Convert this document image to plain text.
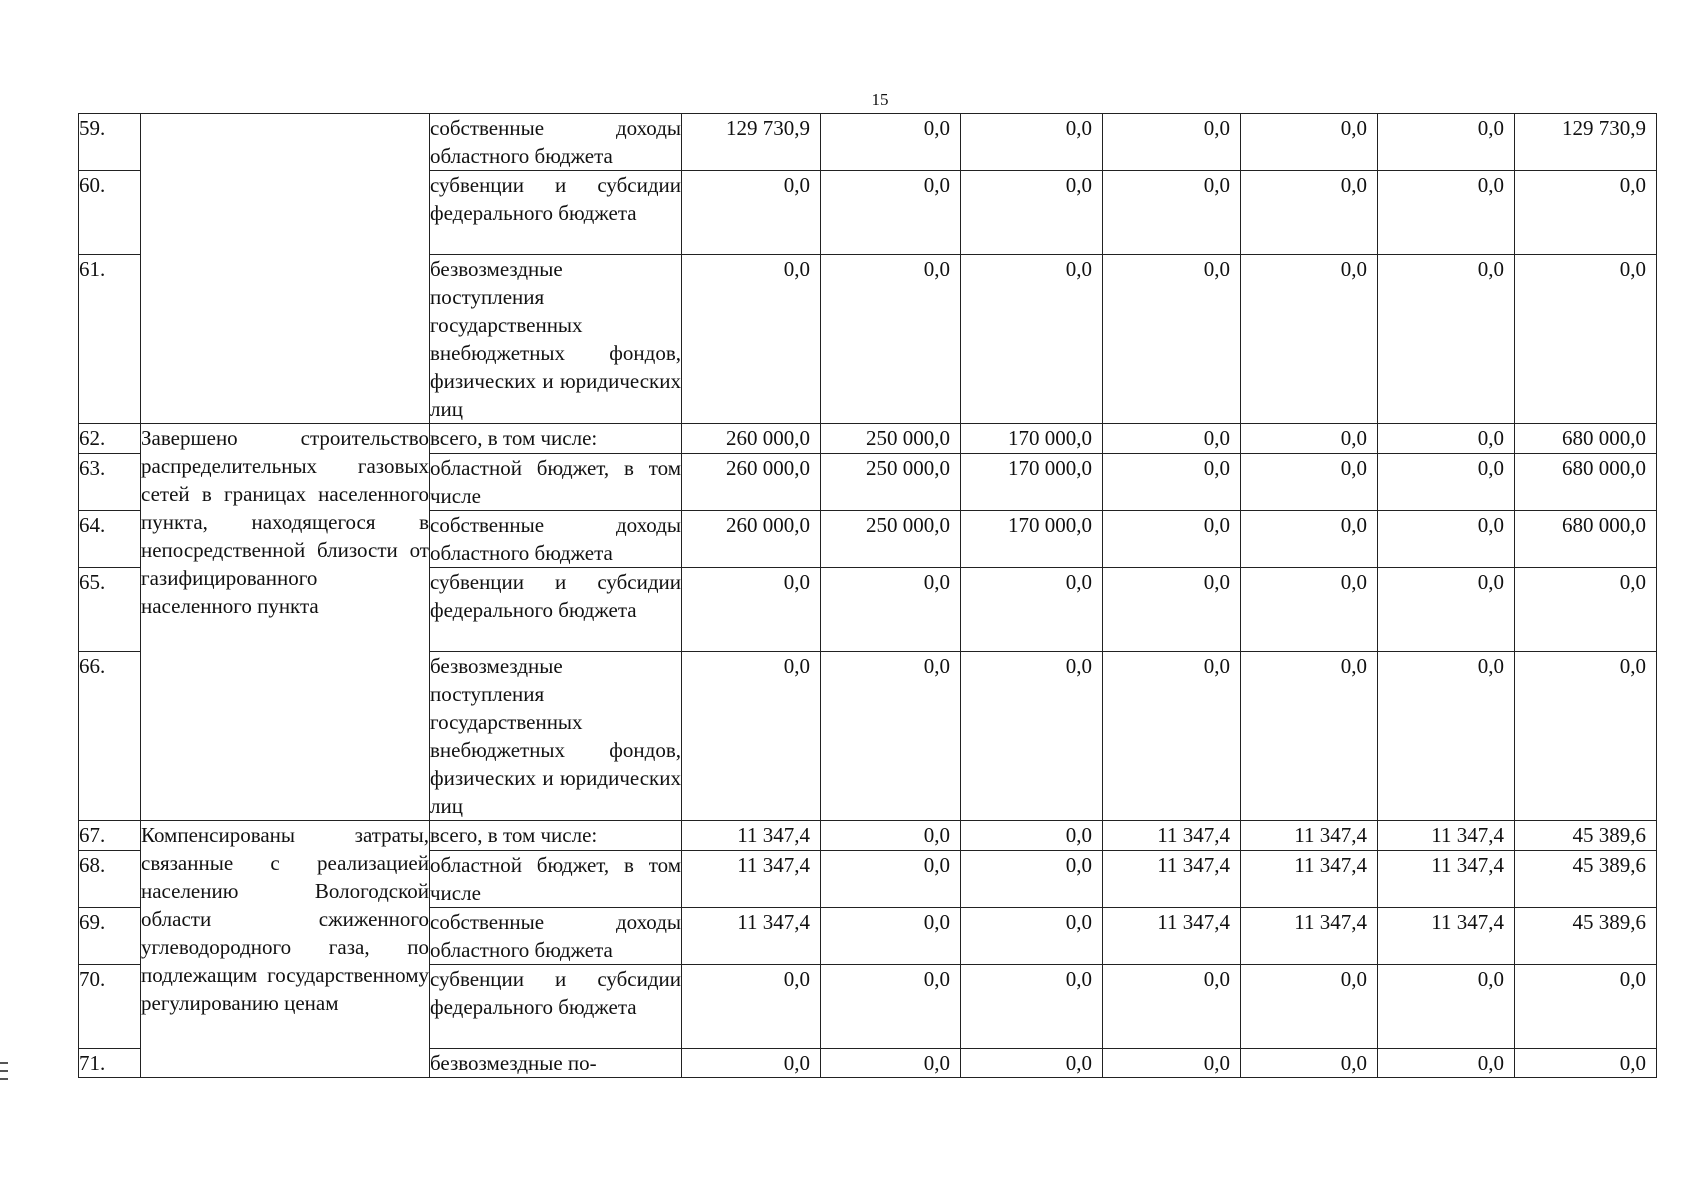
15
59.		собственные доходы областного бюджета	129 730,9	0,0	0,0	0,0	0,0	0,0	129 730,9
60.		субвенции и субсидии федерального бюджета	0,0	0,0	0,0	0,0	0,0	0,0	0,0
61.		безвозмездные поступления государственных внебюджетных фондов, физических и юридических лиц	0,0	0,0	0,0	0,0	0,0	0,0	0,0
62.	Завершено строительство распределительных газовых сетей в границах населенного пункта, находящегося в непосредственной близости от газифицированного населенного пункта	всего, в том числе:	260 000,0	250 000,0	170 000,0	0,0	0,0	0,0	680 000,0
63.		областной бюджет, в том числе	260 000,0	250 000,0	170 000,0	0,0	0,0	0,0	680 000,0
64.		собственные доходы областного бюджета	260 000,0	250 000,0	170 000,0	0,0	0,0	0,0	680 000,0
65.		субвенции и субсидии федерального бюджета	0,0	0,0	0,0	0,0	0,0	0,0	0,0
66.		безвозмездные поступления государственных внебюджетных фондов, физических и юридических лиц	0,0	0,0	0,0	0,0	0,0	0,0	0,0
67.	Компенсированы затраты, связанные с реализацией населению Вологодской области сжиженного углеводородного газа, по подлежащим государственному регулированию ценам	всего, в том числе:	11 347,4	0,0	0,0	11 347,4	11 347,4	11 347,4	45 389,6
68.		областной бюджет, в том числе	11 347,4	0,0	0,0	11 347,4	11 347,4	11 347,4	45 389,6
69.		собственные доходы областного бюджета	11 347,4	0,0	0,0	11 347,4	11 347,4	11 347,4	45 389,6
70.		субвенции и субсидии федерального бюджета	0,0	0,0	0,0	0,0	0,0	0,0	0,0
71.		безвозмездные по-	0,0	0,0	0,0	0,0	0,0	0,0	0,0
